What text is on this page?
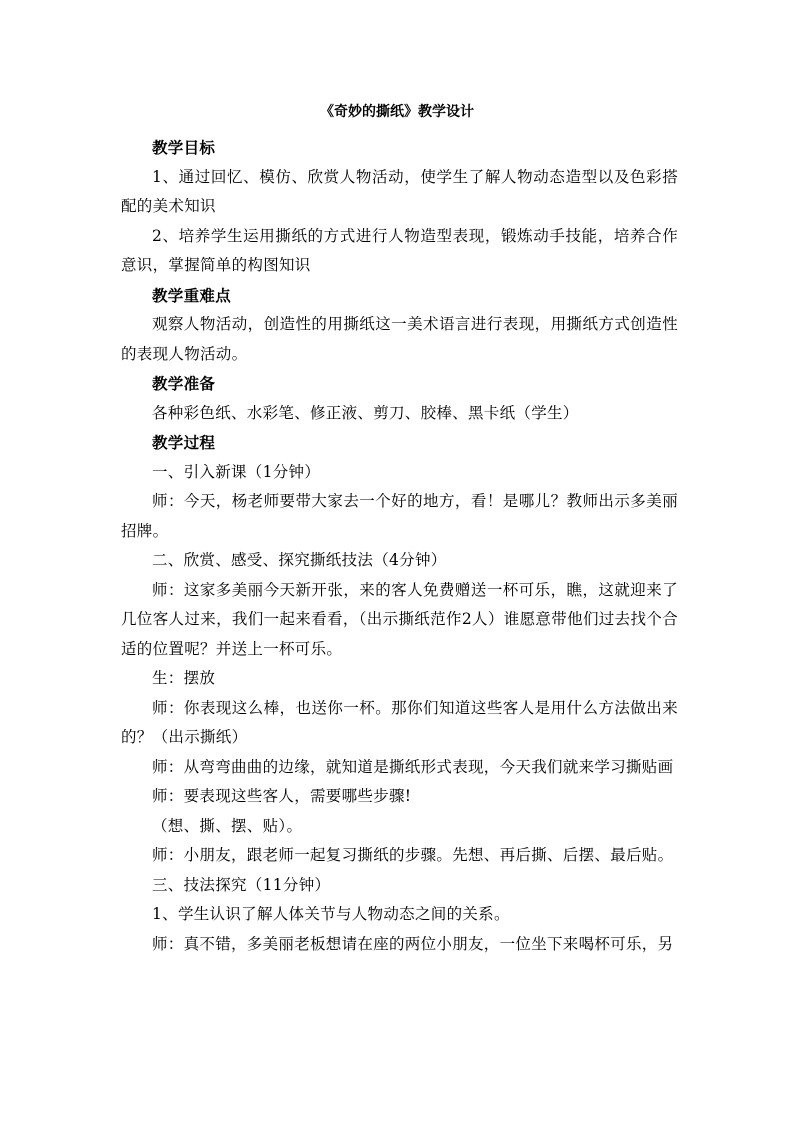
《奇妙的撕纸》教学设计

教学目标

1、通过回忆、模仿、欣赏人物活动，使学生了解人物动态造型以及色彩搭配的美术知识

2、培养学生运用撕纸的方式进行人物造型表现，锻炼动手技能，培养合作意识，掌握简单的构图知识

教学重难点

观察人物活动，创造性的用撕纸这一美术语言进行表现，用撕纸方式创造性的表现人物活动。

教学准备

各种彩色纸、水彩笔、修正液、剪刀、胶棒、黑卡纸（学生）

教学过程

一、引入新课（1分钟）

师：今天，杨老师要带大家去一个好的地方，看！是哪儿？教师出示多美丽招牌。

二、欣赏、感受、探究撕纸技法（4分钟）

师：这家多美丽今天新开张，来的客人免费赠送一杯可乐，瞧，这就迎来了几位客人过来，我们一起来看看，（出示撕纸范作2人）谁愿意带他们过去找个合适的位置呢？并送上一杯可乐。

生：摆放

师：你表现这么棒，也送你一杯。那你们知道这些客人是用什么方法做出来的？（出示撕纸）

师：从弯弯曲曲的边缘，就知道是撕纸形式表现，今天我们就来学习撕贴画

师：要表现这些客人，需要哪些步骤!

（想、撕、摆、贴）。

师：小朋友，跟老师一起复习撕纸的步骤。先想、再后撕、后摆、最后贴。

三、技法探究（11分钟）

1、学生认识了解人体关节与人物动态之间的关系。

师：真不错，多美丽老板想请在座的两位小朋友，一位坐下来喝杯可乐，另
